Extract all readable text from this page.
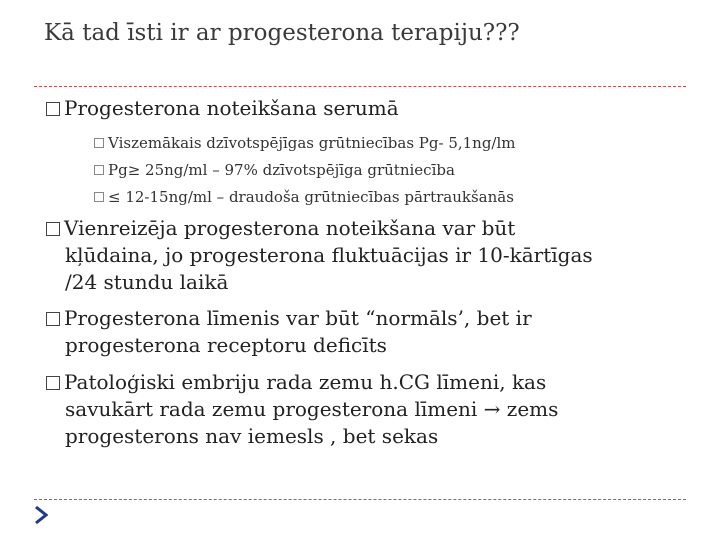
Kā tad īsti ir ar progesterona terapiju???
Progesterona noteikšana serumā
Viszemākais dzīvotspējīgas grūtniecības Pg- 5,1ng/lm
Pg≥ 25ng/ml – 97% dzīvotspējīga grūtniecība
≤ 12-15ng/ml – draudoša grūtniecības pārtraukšanās
Vienreizēja progesterona noteikšana var būt
kļūdaina, jo progesterona fluktuācijas ir 10-kārtīgas
/24 stundu laikā
Progesterona līmenis var būt “normāls’, bet ir
progesterona receptoru deficīts
Patoloģiski embriju rada zemu h.CG līmeni, kas
savukārt rada zemu progesterona līmeni → zems
progesterons nav iemesls , bet sekas
